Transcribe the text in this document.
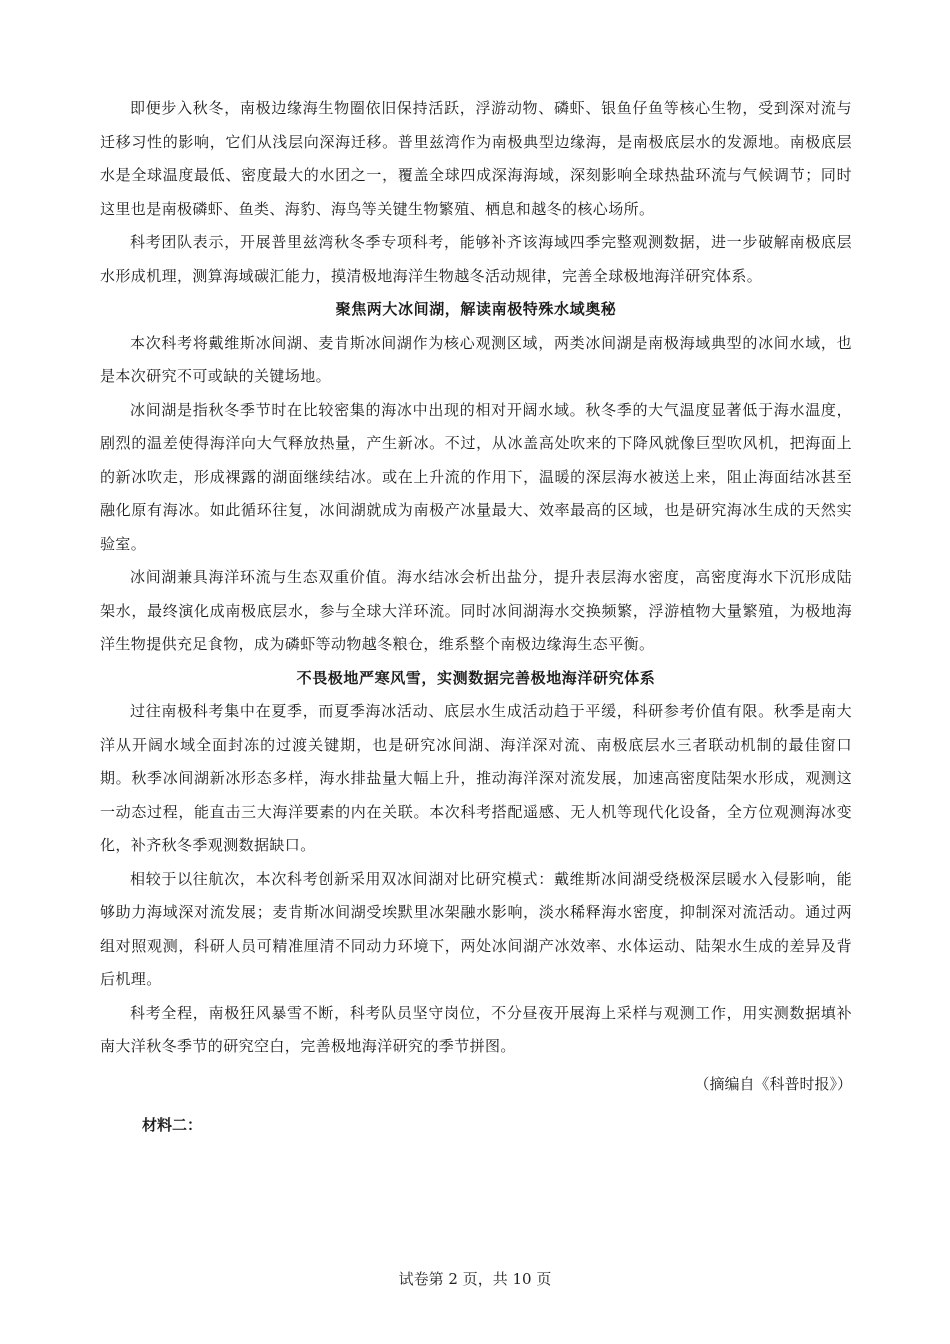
即便步入秋冬，南极边缘海生物圈依旧保持活跃，浮游动物、磷虾、银鱼仔鱼等核心生物，受到深对流与迁移习性的影响，它们从浅层向深海迁移。普里兹湾作为南极典型边缘海，是南极底层水的发源地。南极底层水是全球温度最低、密度最大的水团之一，覆盖全球四成深海海域，深刻影响全球热盐环流与气候调节；同时这里也是南极磷虾、鱼类、海豹、海鸟等关键生物繁殖、栖息和越冬的核心场所。

科考团队表示，开展普里兹湾秋冬季专项科考，能够补齐该海域四季完整观测数据，进一步破解南极底层水形成机理，测算海域碳汇能力，摸清极地海洋生物越冬活动规律，完善全球极地海洋研究体系。

聚焦两大冰间湖，解读南极特殊水域奥秘

本次科考将戴维斯冰间湖、麦肯斯冰间湖作为核心观测区域，两类冰间湖是南极海域典型的冰间水域，也是本次研究不可或缺的关键场地。

冰间湖是指秋冬季节时在比较密集的海冰中出现的相对开阔水域。秋冬季的大气温度显著低于海水温度，剧烈的温差使得海洋向大气释放热量，产生新冰。不过，从冰盖高处吹来的下降风就像巨型吹风机，把海面上的新冰吹走，形成裸露的湖面继续结冰。或在上升流的作用下，温暖的深层海水被送上来，阻止海面结冰甚至融化原有海冰。如此循环往复，冰间湖就成为南极产冰量最大、效率最高的区域，也是研究海冰生成的天然实验室。

冰间湖兼具海洋环流与生态双重价值。海水结冰会析出盐分，提升表层海水密度，高密度海水下沉形成陆架水，最终演化成南极底层水，参与全球大洋环流。同时冰间湖海水交换频繁，浮游植物大量繁殖，为极地海洋生物提供充足食物，成为磷虾等动物越冬粮仓，维系整个南极边缘海生态平衡。

不畏极地严寒风雪，实测数据完善极地海洋研究体系

过往南极科考集中在夏季，而夏季海冰活动、底层水生成活动趋于平缓，科研参考价值有限。秋季是南大洋从开阔水域全面封冻的过渡关键期，也是研究冰间湖、海洋深对流、南极底层水三者联动机制的最佳窗口期。秋季冰间湖新冰形态多样，海水排盐量大幅上升，推动海洋深对流发展，加速高密度陆架水形成，观测这一动态过程，能直击三大海洋要素的内在关联。本次科考搭配遥感、无人机等现代化设备，全方位观测海冰变化，补齐秋冬季观测数据缺口。

相较于以往航次，本次科考创新采用双冰间湖对比研究模式：戴维斯冰间湖受绕极深层暖水入侵影响，能够助力海域深对流发展；麦肯斯冰间湖受埃默里冰架融水影响，淡水稀释海水密度，抑制深对流活动。通过两组对照观测，科研人员可精准厘清不同动力环境下，两处冰间湖产冰效率、水体运动、陆架水生成的差异及背后机理。

科考全程，南极狂风暴雪不断，科考队员坚守岗位，不分昼夜开展海上采样与观测工作，用实测数据填补南大洋秋冬季节的研究空白，完善极地海洋研究的季节拼图。

（摘编自《科普时报》）

材料二：

试卷第 2 页，共 10 页
